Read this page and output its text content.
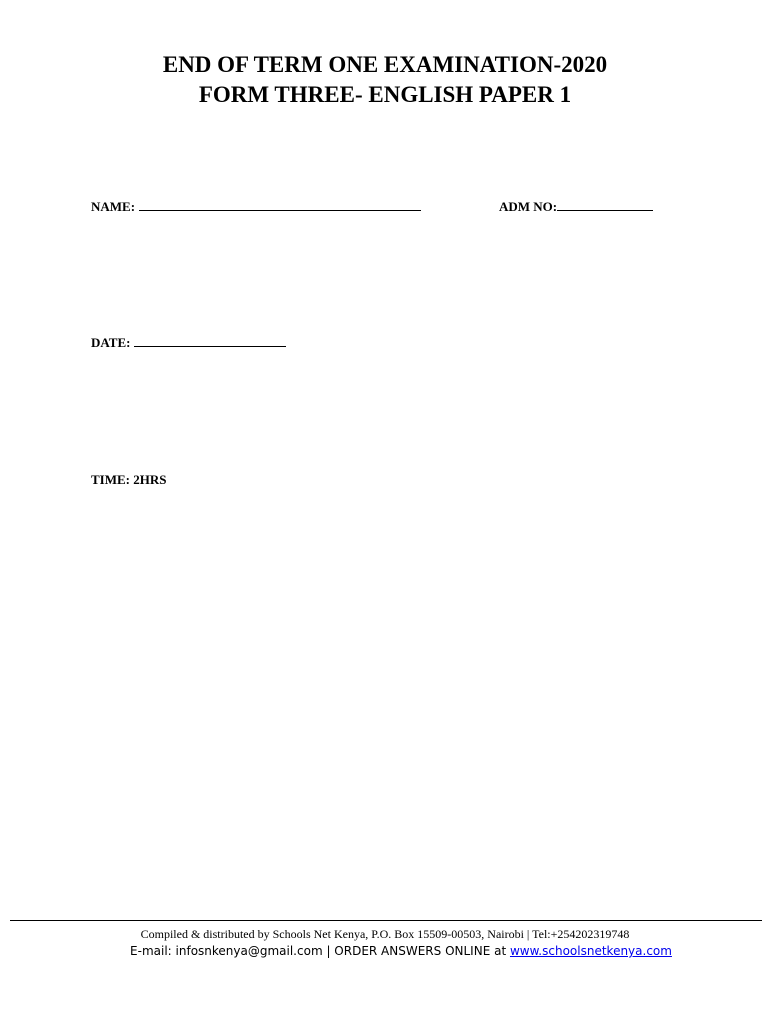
END OF TERM ONE EXAMINATION-2020
FORM THREE- ENGLISH PAPER 1
NAME:	ADM NO:
DATE:
TIME: 2HRS
Compiled & distributed by Schools Net Kenya, P.O. Box 15509-00503, Nairobi | Tel:+254202319748
E-mail: infosnkenya@gmail.com | ORDER ANSWERS ONLINE at www.schoolsnetkenya.com
